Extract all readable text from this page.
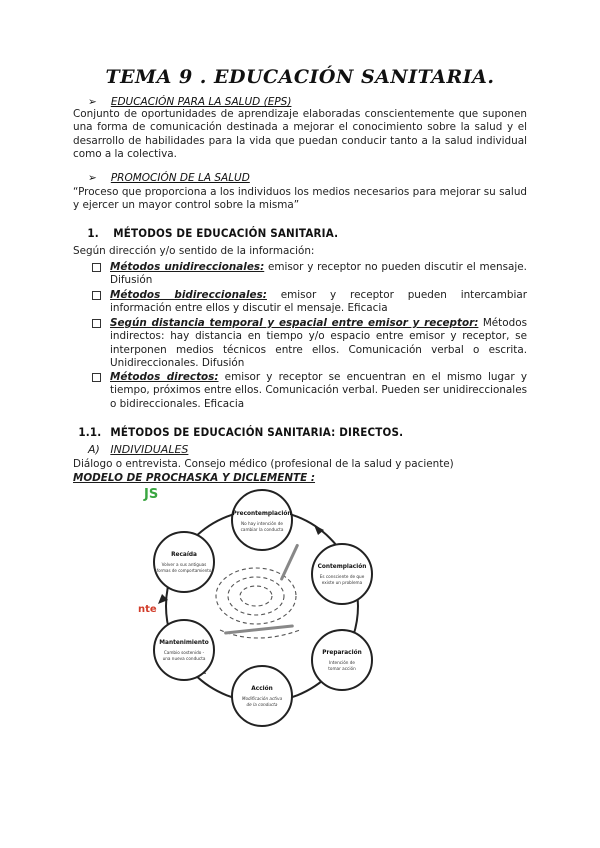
TEMA 9 . EDUCACIÓN SANITARIA.
➢ EDUCACIÓN PARA LA SALUD (EPS)
Conjunto de oportunidades de aprendizaje elaboradas conscientemente que suponen una forma de comunicación destinada a mejorar el conocimiento sobre la salud y el desarrollo de habilidades para la vida que puedan conducir tanto a la salud individual como a la colectiva.
➢ PROMOCIÓN DE LA SALUD
“Proceso que proporciona a los individuos los medios necesarios para mejorar su salud y ejercer un mayor control sobre la misma”
1. MÉTODOS DE EDUCACIÓN SANITARIA.
Según dirección y/o sentido de la información:
Métodos unidireccionales: emisor y receptor no pueden discutir el mensaje. Difusión
Métodos bidireccionales: emisor y receptor pueden intercambiar información entre ellos y discutir el mensaje. Eficacia
Según distancia temporal y espacial entre emisor y receptor: Métodos indirectos: hay distancia en tiempo y/o espacio entre emisor y receptor, se interponen medios técnicos entre ellos. Comunicación verbal o escrita. Unidireccionales. Difusión
Métodos directos: emisor y receptor se encuentran en el mismo lugar y tiempo, próximos entre ellos. Comunicación verbal. Pueden ser unidireccionales o bidireccionales. Eficacia
1.1. MÉTODOS DE EDUCACIÓN SANITARIA: DIRECTOS.
A) INDIVIDUALES
Diálogo o entrevista. Consejo médico (profesional de la salud y paciente)
MODELO DE PROCHASKA Y DICLEMENTE :
JS
nte
Precontemplación
No hay intención de
cambiar la conducta
Contemplación
Es consciente de que
existe un problema
Preparación
Intención de
tomar acción
Acción
Modificación activa
de la conducta
Mantenimiento
Cambio sostenido -
una nueva conducta
Recaída
Volver a sus antiguas
formas de comportamiento
